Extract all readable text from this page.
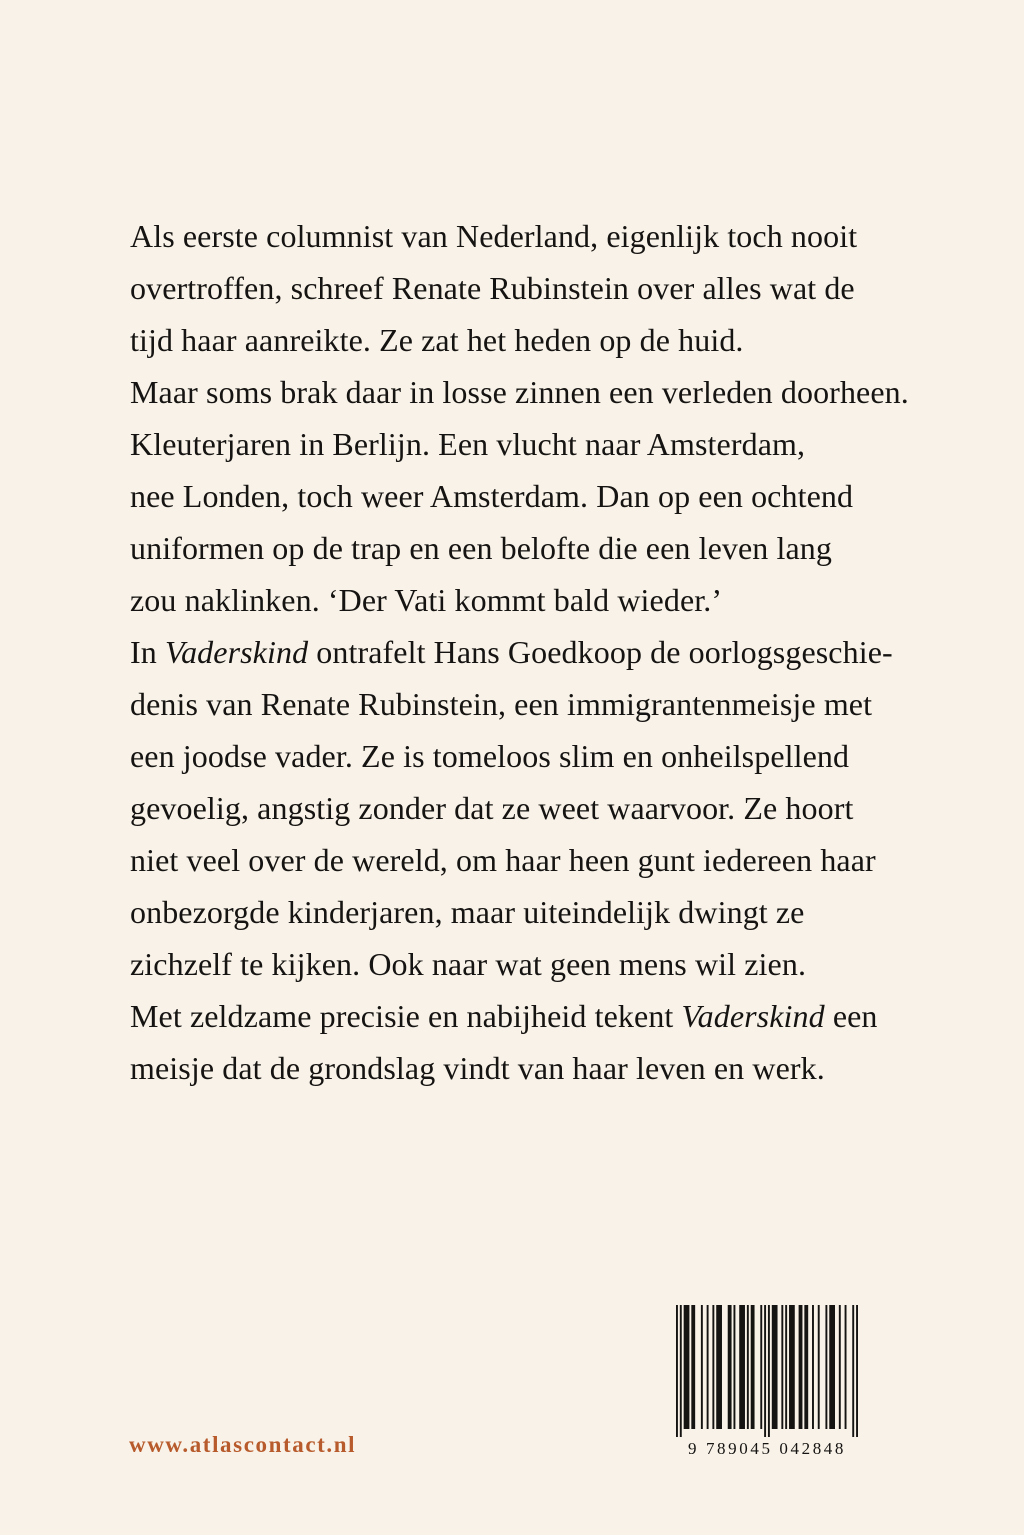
Als eerste columnist van Nederland, eigenlijk toch nooit
overtroffen, schreef Renate Rubinstein over alles wat de
tijd haar aanreikte. Ze zat het heden op de huid.
Maar soms brak daar in losse zinnen een verleden doorheen.
Kleuterjaren in Berlijn. Een vlucht naar Amsterdam,
nee Londen, toch weer Amsterdam. Dan op een ochtend
uniformen op de trap en een belofte die een leven lang
zou naklinken. ‘Der Vati kommt bald wieder.’
In Vaderskind ontrafelt Hans Goedkoop de oorlogsgeschie-
denis van Renate Rubinstein, een immigrantenmeisje met
een joodse vader. Ze is tomeloos slim en onheilspellend
gevoelig, angstig zonder dat ze weet waarvoor. Ze hoort
niet veel over de wereld, om haar heen gunt iedereen haar
onbezorgde kinderjaren, maar uiteindelijk dwingt ze
zichzelf te kijken. Ook naar wat geen mens wil zien.
Met zeldzame precisie en nabijheid tekent Vaderskind een
meisje dat de grondslag vindt van haar leven en werk.
www.atlascontact.nl	9 789045 042848
